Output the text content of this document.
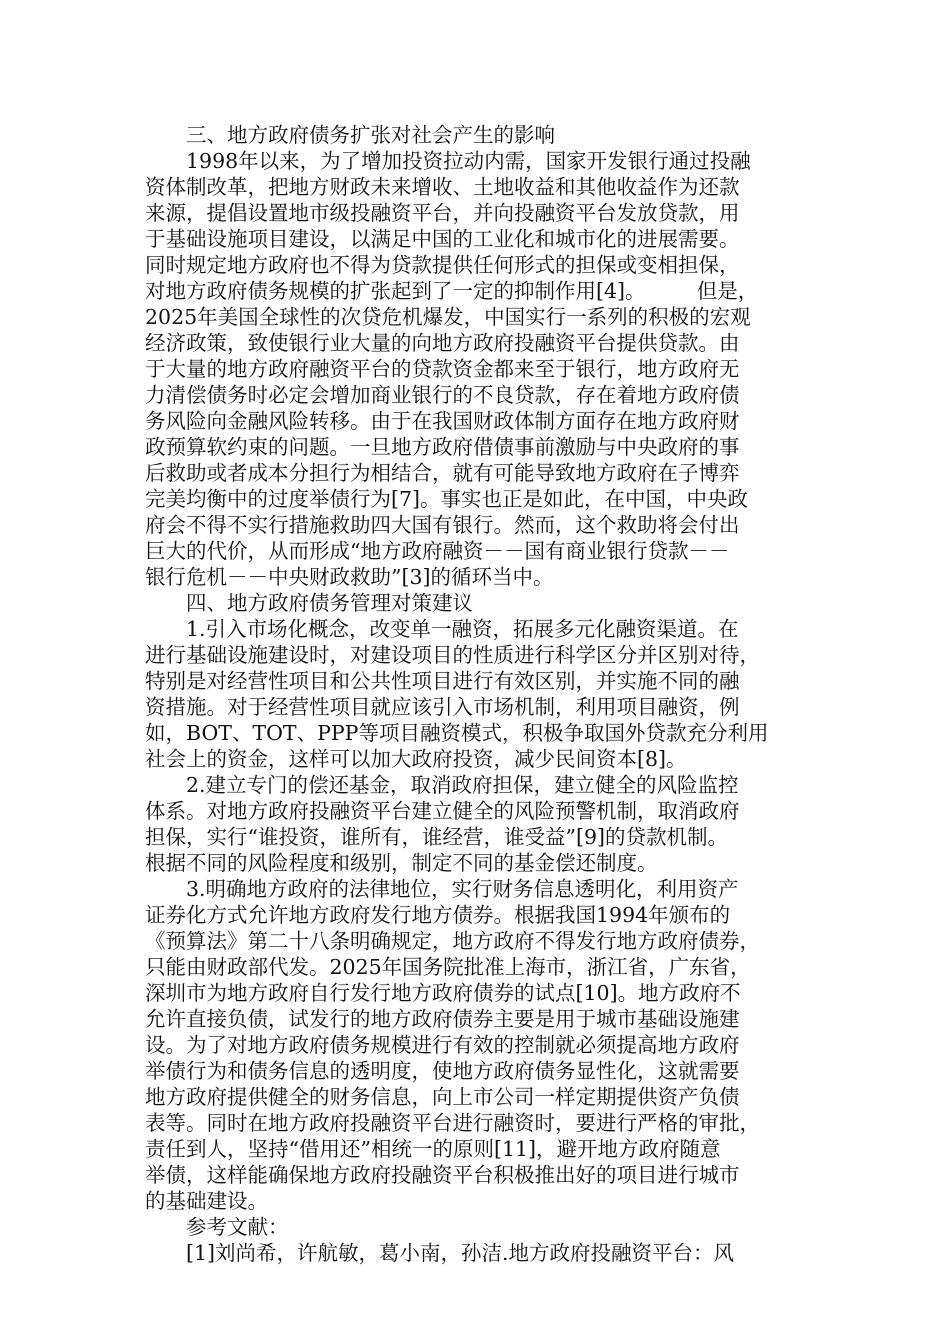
　　三、地方政府债务扩张对社会产生的影响
　　1998年以来，为了增加投资拉动内需，国家开发银行通过投融
资体制改革，把地方财政未来增收、土地收益和其他收益作为还款
来源，提倡设置地市级投融资平台，并向投融资平台发放贷款，用
于基础设施项目建设，以满足中国的工业化和城市化的进展需要。
同时规定地方政府也不得为贷款提供任何形式的担保或变相担保，
对地方政府债务规模的扩张起到了一定的抑制作用[4]。　　　但是，
2025年美国全球性的次贷危机爆发，中国实行一系列的积极的宏观
经济政策，致使银行业大量的向地方政府投融资平台提供贷款。由
于大量的地方政府融资平台的贷款资金都来至于银行，地方政府无
力清偿债务时必定会增加商业银行的不良贷款，存在着地方政府债
务风险向金融风险转移。由于在我国财政体制方面存在地方政府财
政预算软约束的问题。一旦地方政府借债事前激励与中央政府的事
后救助或者成本分担行为相结合，就有可能导致地方政府在子博弈
完美均衡中的过度举债行为[7]。事实也正是如此，在中国，中央政
府会不得不实行措施救助四大国有银行。然而，这个救助将会付出
巨大的代价，从而形成“地方政府融资－－国有商业银行贷款－－
银行危机－－中央财政救助”[3]的循环当中。
　　四、地方政府债务管理对策建议
　　1.引入市场化概念，改变单一融资，拓展多元化融资渠道。在
进行基础设施建设时，对建设项目的性质进行科学区分并区别对待，
特别是对经营性项目和公共性项目进行有效区别，并实施不同的融
资措施。对于经营性项目就应该引入市场机制，利用项目融资，例
如，BOT、TOT、PPP等项目融资模式，积极争取国外贷款充分利用
社会上的资金，这样可以加大政府投资，减少民间资本[8]。
　　2.建立专门的偿还基金，取消政府担保，建立健全的风险监控
体系。对地方政府投融资平台建立健全的风险预警机制，取消政府
担保，实行“谁投资，谁所有，谁经营，谁受益”[9]的贷款机制。
根据不同的风险程度和级别，制定不同的基金偿还制度。
　　3.明确地方政府的法律地位，实行财务信息透明化，利用资产
证券化方式允许地方政府发行地方债券。根据我国1994年颁布的
《预算法》第二十八条明确规定，地方政府不得发行地方政府债券，
只能由财政部代发。2025年国务院批准上海市，浙江省，广东省，
深圳市为地方政府自行发行地方政府债券的试点[10]。地方政府不
允许直接负债，试发行的地方政府债券主要是用于城市基础设施建
设。为了对地方政府债务规模进行有效的控制就必须提高地方政府
举债行为和债务信息的透明度，使地方政府债务显性化，这就需要
地方政府提供健全的财务信息，向上市公司一样定期提供资产负债
表等。同时在地方政府投融资平台进行融资时，要进行严格的审批，
责任到人，坚持“借用还”相统一的原则[11]，避开地方政府随意
举债，这样能确保地方政府投融资平台积极推出好的项目进行城市
的基础建设。
　　参考文献：
　　[1]刘尚希，许航敏，葛小南，孙洁.地方政府投融资平台：风
